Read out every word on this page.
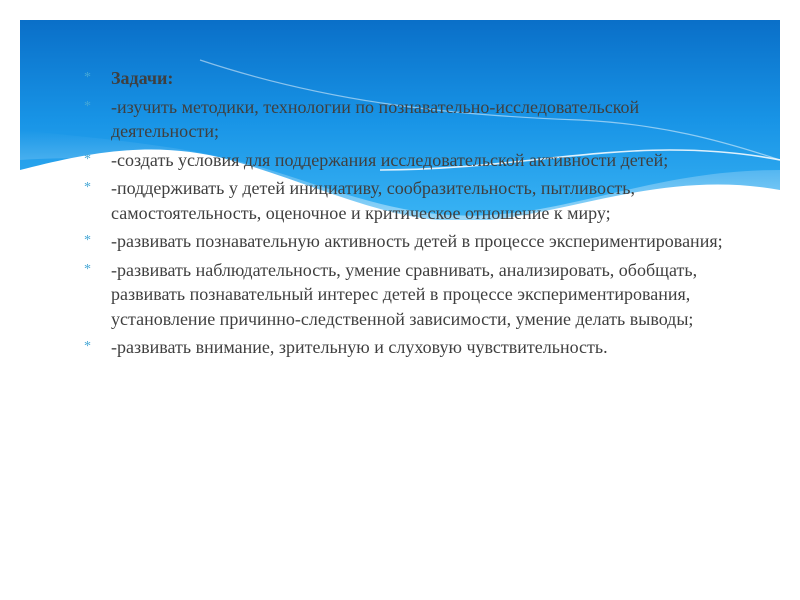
* Задачи:
* -изучить методики, технологии по познавательно-исследовательской деятельности;
* -создать условия для поддержания исследовательской активности детей;
* -поддерживать у детей инициативу, сообразительность, пытливость, самостоятельность, оценочное и критическое отношение к миру;
* -развивать познавательную активность детей в процессе экспериментирования;
* -развивать наблюдательность, умение сравнивать, анализировать, обобщать, развивать познавательный интерес детей в процессе экспериментирования, установление причинно-следственной зависимости, умение делать выводы;
* -развивать внимание, зрительную и слуховую чувствительность.
